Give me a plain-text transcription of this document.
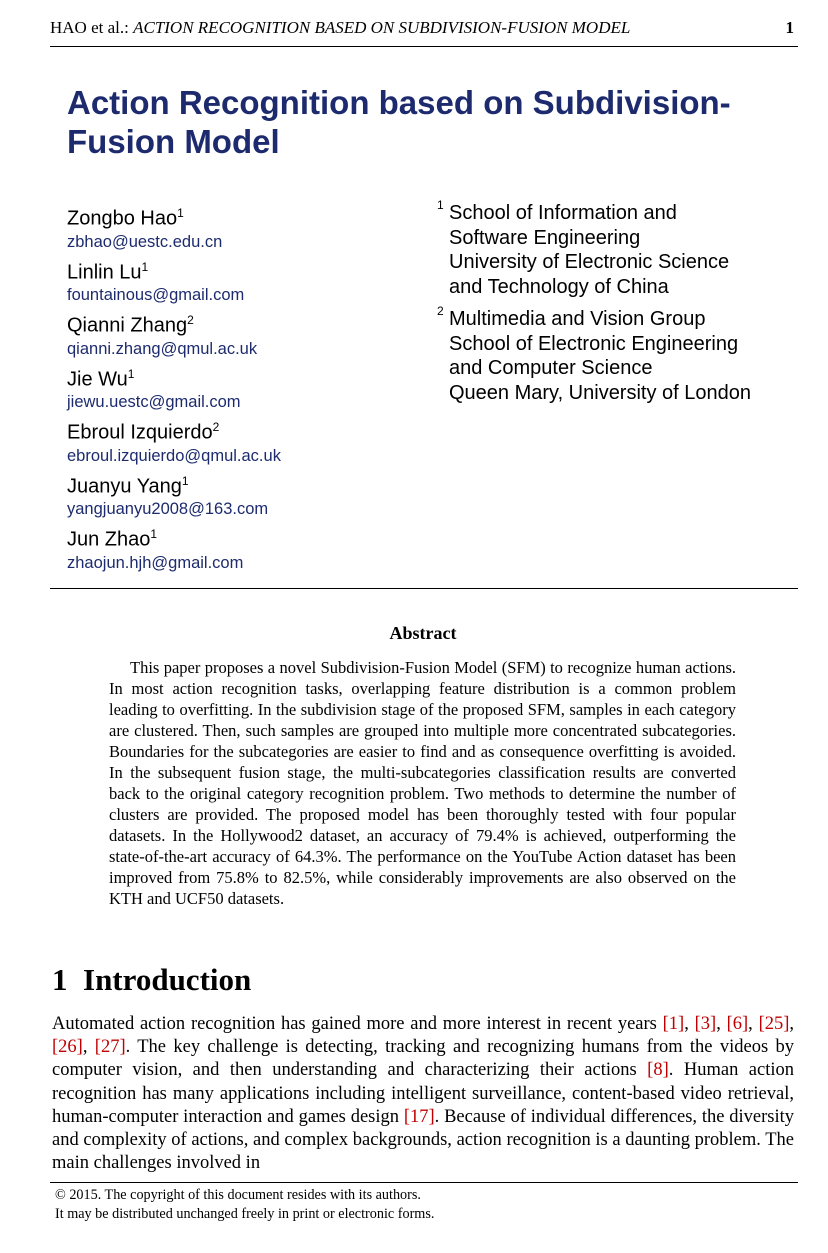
HAO et al.: ACTION RECOGNITION BASED ON SUBDIVISION-FUSION MODEL	1
Action Recognition based on Subdivision-
Fusion Model
Zongbo Hao$^1$
zbhao@uestc.edu.cn
Linlin Lu$^1$
fountainous@gmail.com
Qianni Zhang$^2$
qianni.zhang@qmul.ac.uk
Jie Wu$^1$
jiewu.uestc@gmail.com
Ebroul Izquierdo$^2$
ebroul.izquierdo@qmul.ac.uk
Juanyu Yang$^1$
yangjuanyu2008@163.com
Jun Zhao$^1$
zhaojun.hjh@gmail.com
1 School of Information and
Software Engineering
University of Electronic Science
and Technology of China
2 Multimedia and Vision Group
School of Electronic Engineering
and Computer Science
Queen Mary, University of London
Abstract
This paper proposes a novel Subdivision-Fusion Model (SFM) to recognize human actions. In most action recognition tasks, overlapping feature distribution is a common problem leading to overfitting. In the subdivision stage of the proposed SFM, samples in each category are clustered. Then, such samples are grouped into multiple more concentrated subcategories. Boundaries for the subcategories are easier to find and as consequence overfitting is avoided. In the subsequent fusion stage, the multi-subcategories classification results are converted back to the original category recognition problem. Two methods to determine the number of clusters are provided. The proposed model has been thoroughly tested with four popular datasets. In the Hollywood2 dataset, an accuracy of 79.4% is achieved, outperforming the state-of-the-art accuracy of 64.3%. The performance on the YouTube Action dataset has been improved from 75.8% to 82.5%, while considerably improvements are also observed on the KTH and UCF50 datasets.
1 Introduction
Automated action recognition has gained more and more interest in recent years [1], [3], [6], [25], [26], [27]. The key challenge is detecting, tracking and recognizing humans from the videos by computer vision, and then understanding and characterizing their actions [8]. Human action recognition has many applications including intelligent surveillance, content-based video retrieval, human-computer interaction and games design [17]. Because of individual differences, the diversity and complexity of actions, and complex backgrounds, action recognition is a daunting problem. The main challenges involved in
© 2015. The copyright of this document resides with its authors.
It may be distributed unchanged freely in print or electronic forms.
